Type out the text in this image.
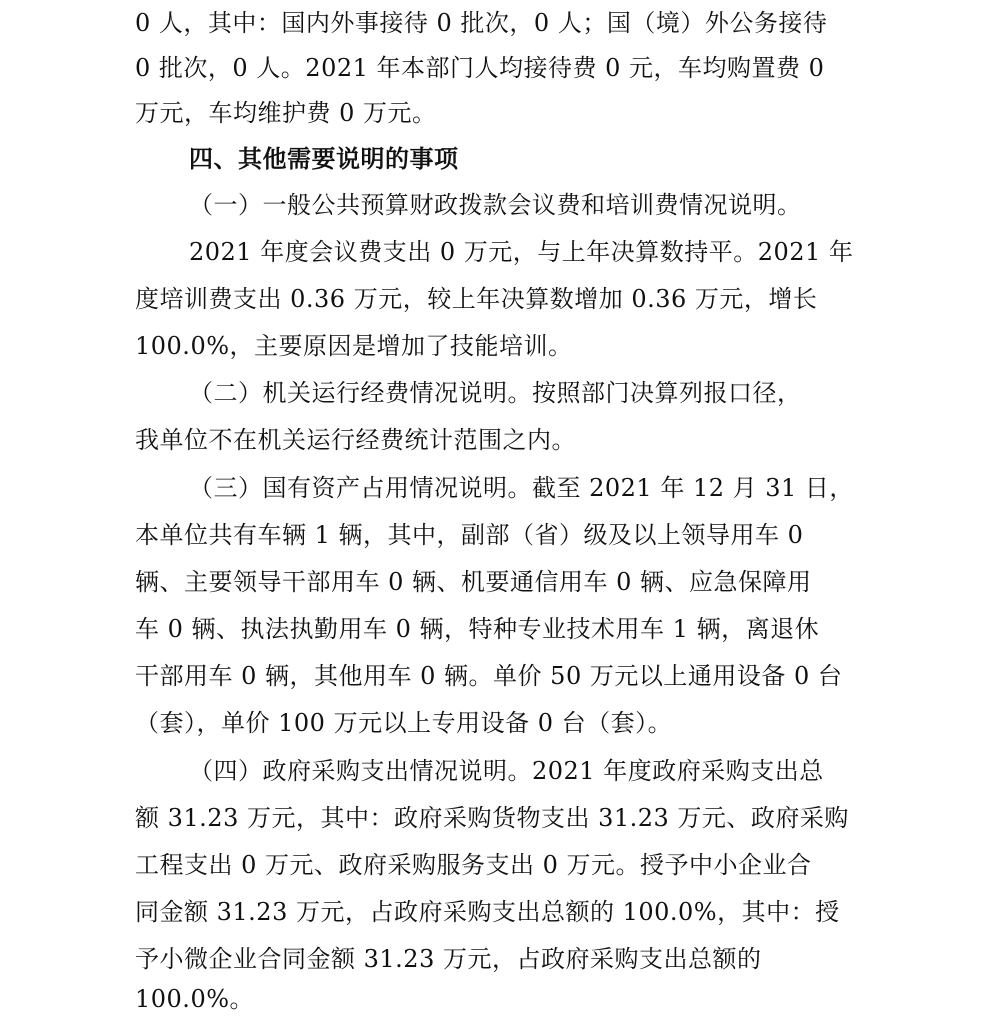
0 人，其中：国内外事接待 0 批次，0 人；国（境）外公务接待
0 批次，0 人。2021 年本部门人均接待费 0 元，车均购置费 0
万元，车均维护费 0 万元。
四、其他需要说明的事项
（一）一般公共预算财政拨款会议费和培训费情况说明。
2021 年度会议费支出 0 万元，与上年决算数持平。2021 年
度培训费支出 0.36 万元，较上年决算数增加 0.36 万元，增长
100.0%，主要原因是增加了技能培训。
（二）机关运行经费情况说明。按照部门决算列报口径，
我单位不在机关运行经费统计范围之内。
（三）国有资产占用情况说明。截至 2021 年 12 月 31 日，
本单位共有车辆 1 辆，其中，副部（省）级及以上领导用车 0
辆、主要领导干部用车 0 辆、机要通信用车 0 辆、应急保障用
车 0 辆、执法执勤用车 0 辆，特种专业技术用车 1 辆，离退休
干部用车 0 辆，其他用车 0 辆。单价 50 万元以上通用设备 0 台
（套），单价 100 万元以上专用设备 0 台（套）。
（四）政府采购支出情况说明。2021 年度政府采购支出总
额 31.23 万元，其中：政府采购货物支出 31.23 万元、政府采购
工程支出 0 万元、政府采购服务支出 0 万元。授予中小企业合
同金额 31.23 万元，占政府采购支出总额的 100.0%，其中：授
予小微企业合同金额 31.23 万元，占政府采购支出总额的
100.0%。
